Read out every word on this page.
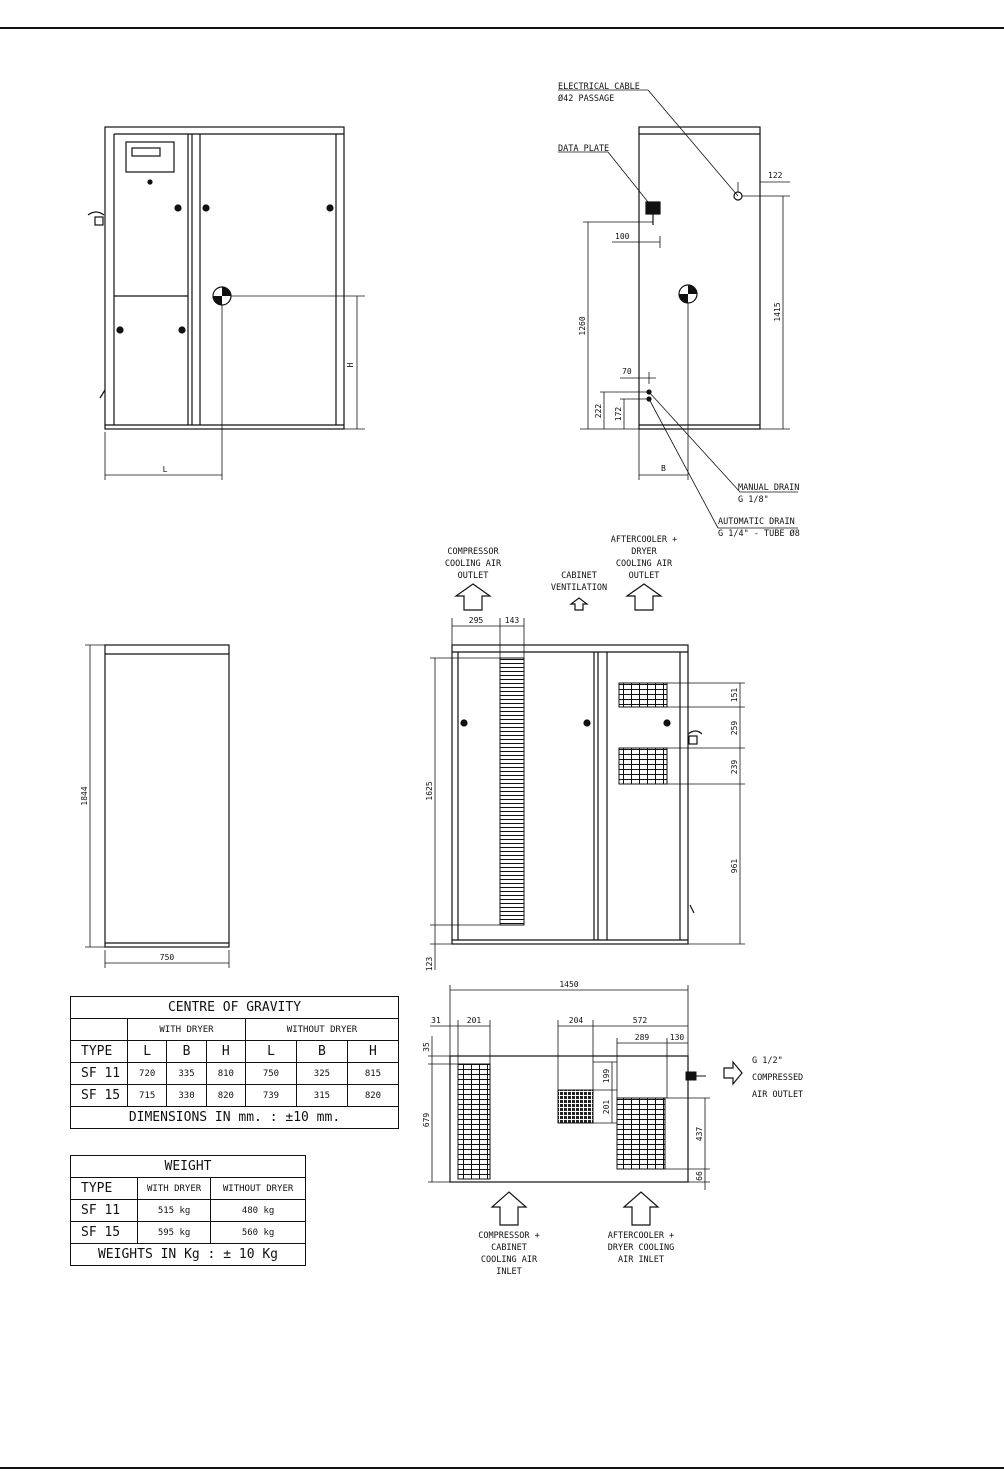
H
L
ELECTRICAL CABLE
Ø42 PASSAGE
DATA PLATE
122
100
1260
1415
70
222 172
B
MANUAL DRAIN
G 1/8"
AUTOMATIC DRAIN
G 1/4" - TUBE Ø8
COMPRESSOR
COOLING AIR
OUTLET	CABINET
VENTILATION
AFTERCOOLER +
DRYER
COOLING AIR
OUTLET
1844
750
295	143
1625
123
151
259
239
961
1450
31	201	204	572
289	130
35
679
199
201
437
66
G 1/2"
COMPRESSED
AIR OUTLET
COMPRESSOR +
CABINET
COOLING AIR
INLET
AFTERCOOLER +
DRYER COOLING
AIR INLET
CENTRE OF GRAVITY						
	WITH DRYER			WITHOUT DRYER		
TYPE	L	B	H	L	B	H
SF 11	720	335	810	750	325	815
SF 15	715	330	820	739	315	820
DIMENSIONS IN mm. : ±10 mm.						
WEIGHT		
TYPE	WITH DRYER	WITHOUT DRYER
SF 11	515 kg	480 kg
SF 15	595 kg	560 kg
WEIGHTS IN Kg : ± 10 Kg		
